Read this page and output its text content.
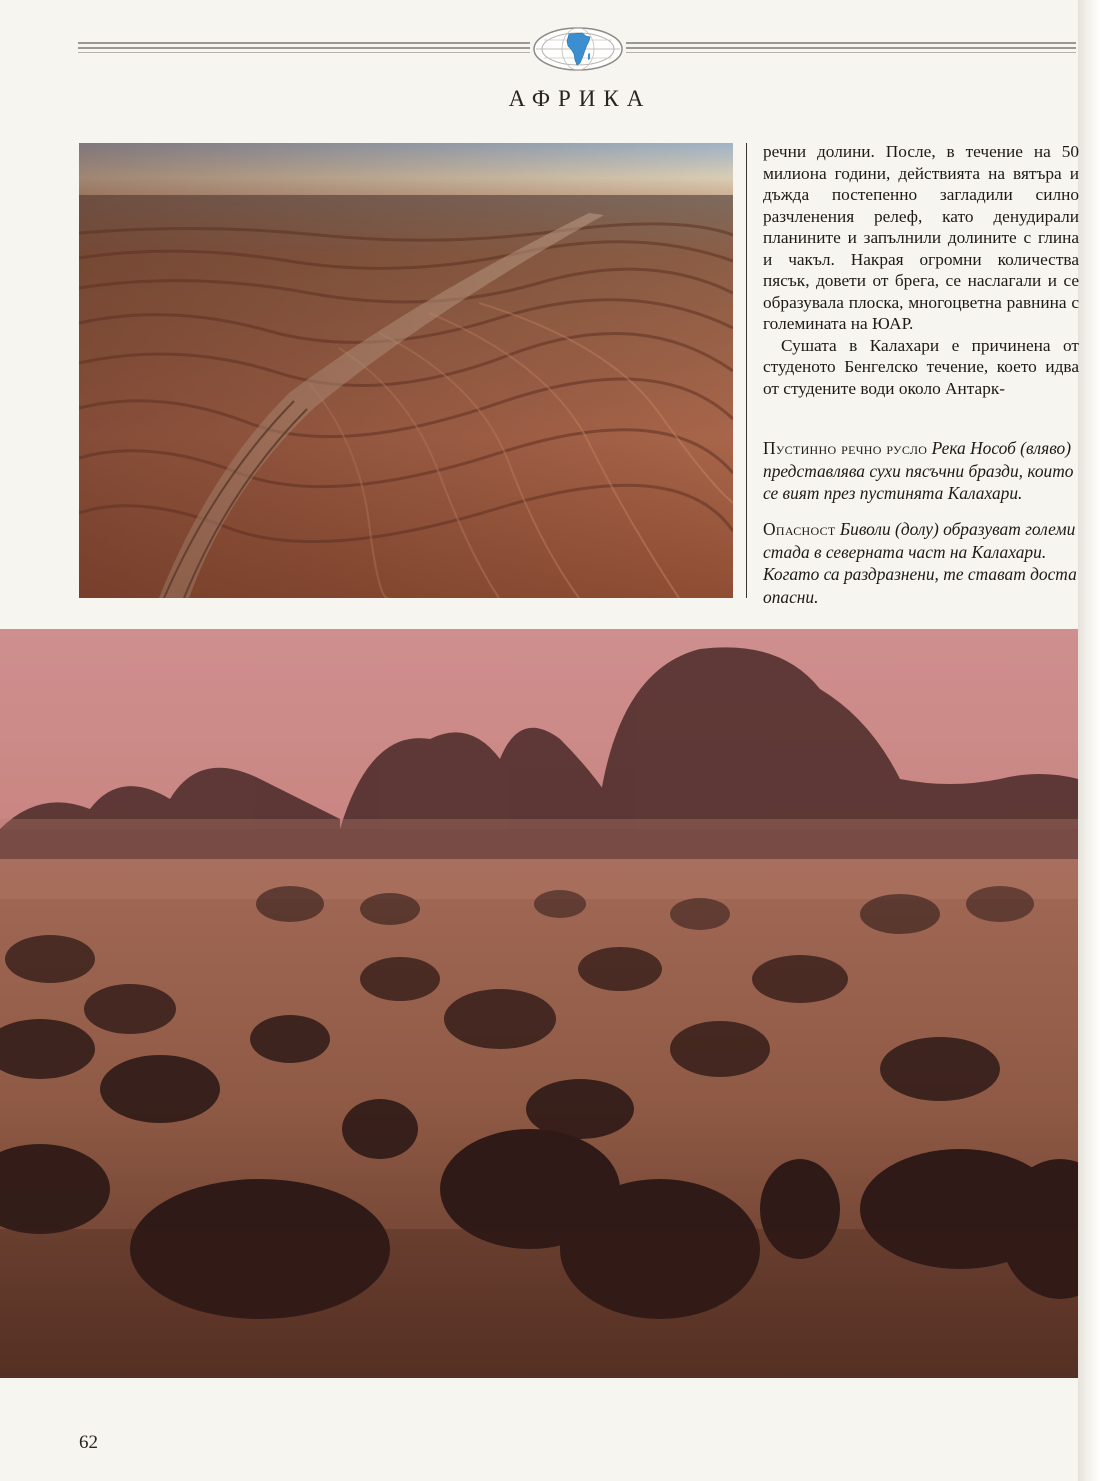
АФРИКА

речни долини. После, в течение на 50 милиона години, действията на вятъра и дъжда постепенно загладили силно разчленения релеф, като денудирали планините и запълнили долините с глина и чакъл. Накрая огромни количества пясък, довети от брега, се наслагали и се образувала плоска, многоцветна равнина с големината на ЮАР.

Сушата в Калахари е причинена от студеното Бенгелско течение, което идва от студените води около Антарк-

Пустинно речно русло Река Нособ (вляво) представлява сухи пясъчни бразди, които се вият през пустинята Калахари.
Опасност Биволи (долу) образуват големи стада в северната част на Калахари. Когато са раздразнени, те стават доста опасни.
62
